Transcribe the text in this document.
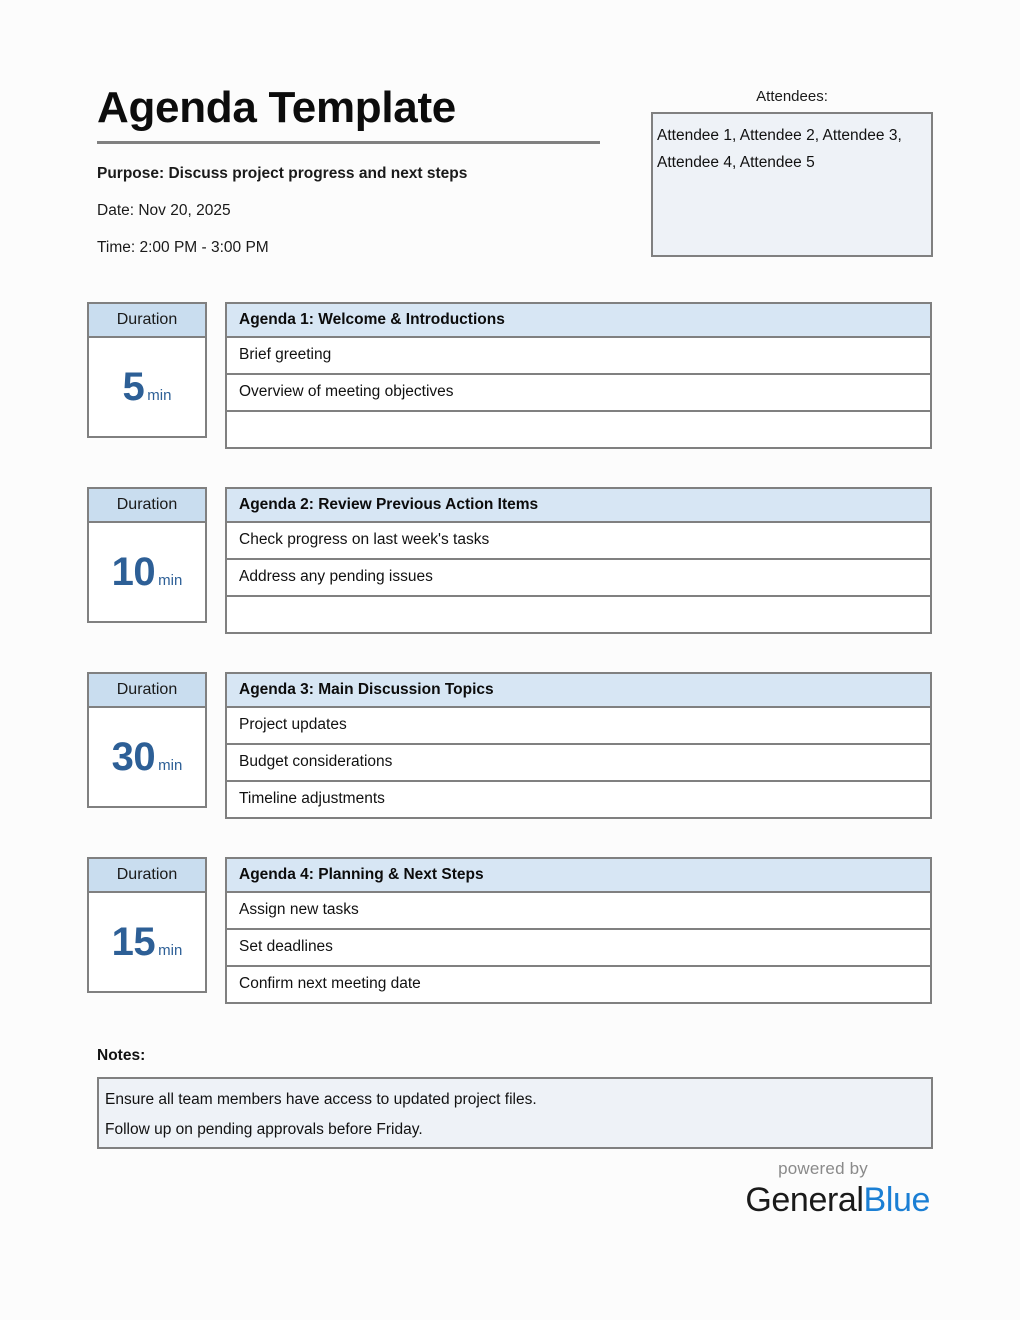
Agenda Template
Purpose: Discuss project progress and next steps
Date: Nov 20, 2025
Time: 2:00 PM - 3:00 PM
Attendees:
Attendee 1, Attendee 2, Attendee 3, Attendee 4, Attendee 5
Duration
5 min
Agenda 1: Welcome & Introductions
Brief greeting
Overview of meeting objectives
Duration
10 min
Agenda 2: Review Previous Action Items
Check progress on last week's tasks
Address any pending issues
Duration
30 min
Agenda 3: Main Discussion Topics
Project updates
Budget considerations
Timeline adjustments
Duration
15 min
Agenda 4: Planning & Next Steps
Assign new tasks
Set deadlines
Confirm next meeting date
Notes:
Ensure all team members have access to updated project files.
Follow up on pending approvals before Friday.
powered by
GeneralBlue
